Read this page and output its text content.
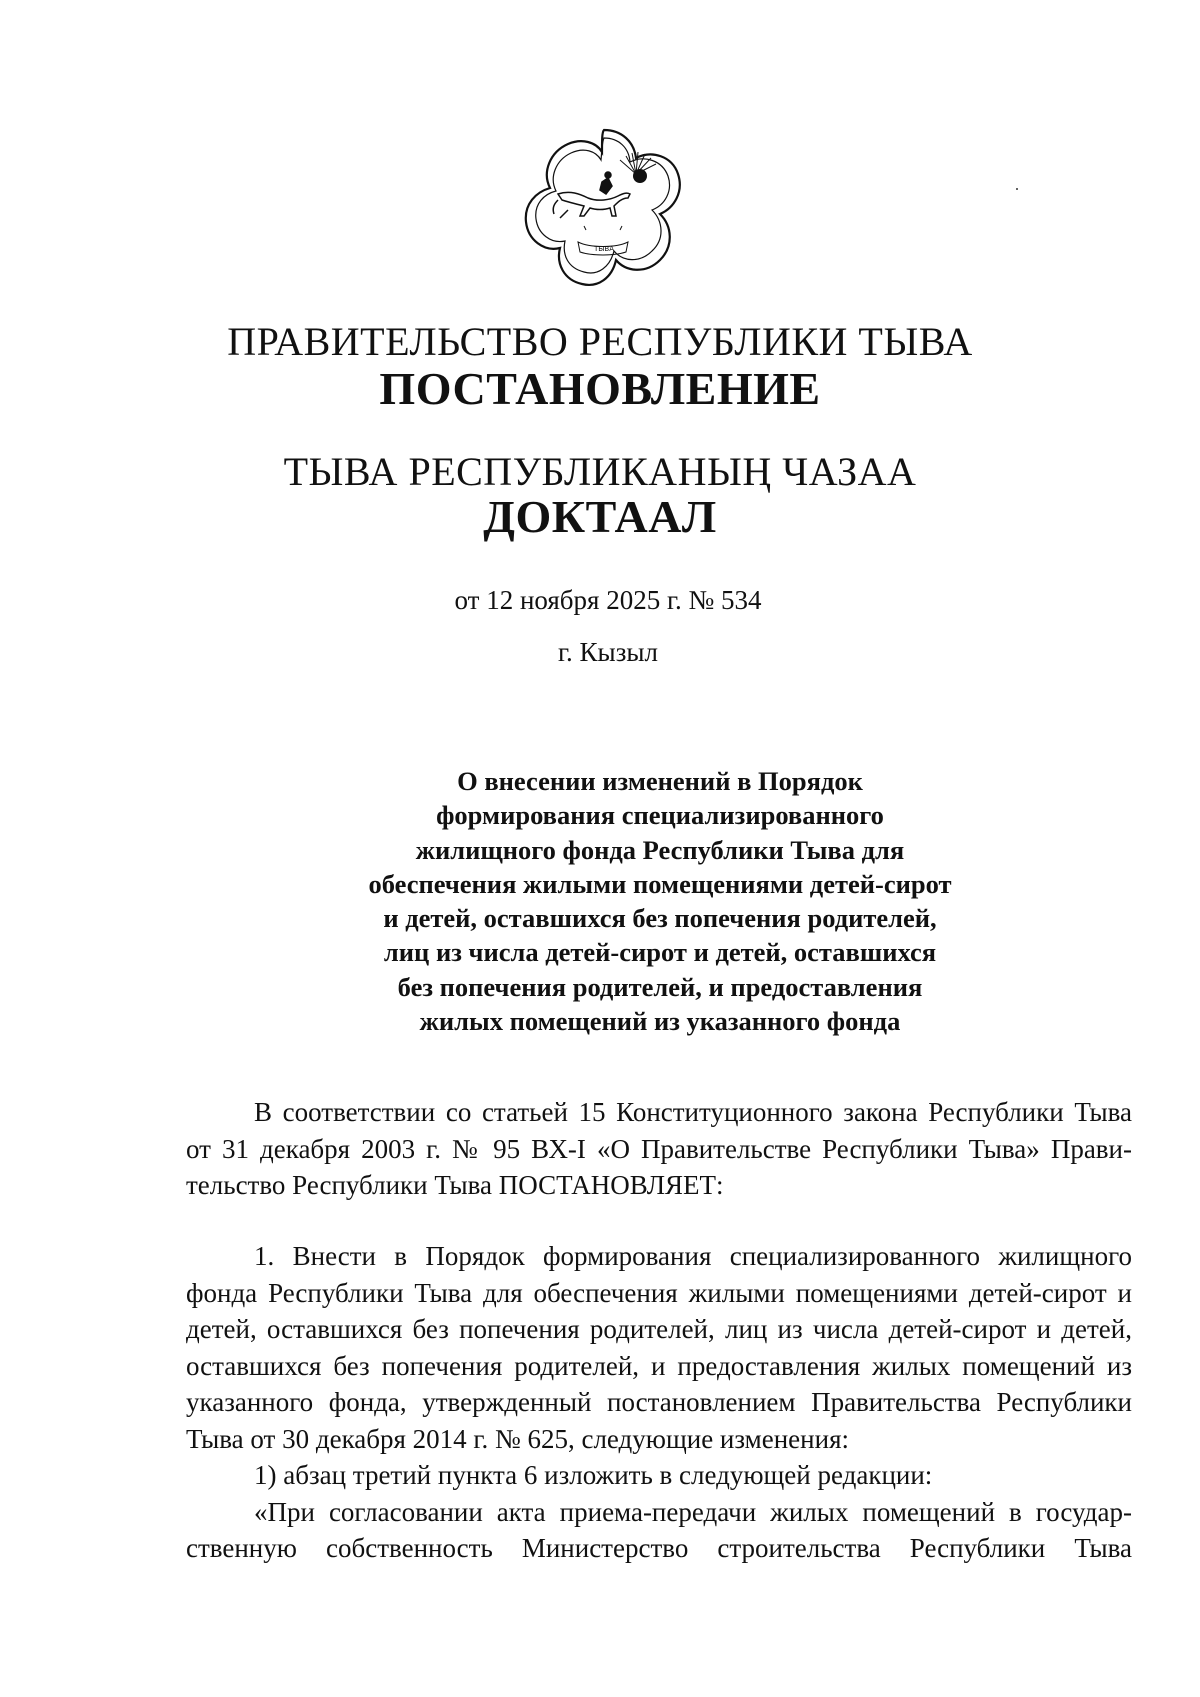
ТЫВА
ПРАВИТЕЛЬСТВО РЕСПУБЛИКИ ТЫВА
ПОСТАНОВЛЕНИЕ
ТЫВА РЕСПУБЛИКАНЫҢ ЧАЗАА
ДОКТААЛ
от 12 ноября 2025 г. № 534
г. Кызыл
О внесении изменений в Порядок
формирования специализированного
жилищного фонда Республики Тыва для
обеспечения жилыми помещениями детей-сирот
и детей, оставшихся без попечения родителей,
лиц из числа детей-сирот и детей, оставшихся
без попечения родителей, и предоставления
жилых помещений из указанного фонда
В соответствии со статьей 15 Конституционного закона Республики Тыва
от 31 декабря 2003 г. № 95 ВХ-I «О Правительстве Республики Тыва» Прави-
тельство Республики Тыва ПОСТАНОВЛЯЕТ:
1. Внести в Порядок формирования специализированного жилищного
фонда Республики Тыва для обеспечения жилыми помещениями детей-сирот и
детей, оставшихся без попечения родителей, лиц из числа детей-сирот и детей,
оставшихся без попечения родителей, и предоставления жилых помещений из
указанного фонда, утвержденный постановлением Правительства Республики
Тыва от 30 декабря 2014 г. № 625, следующие изменения:
1) абзац третий пункта 6 изложить в следующей редакции:
«При согласовании акта приема-передачи жилых помещений в государ-
ственную собственность Министерство строительства Республики Тыва
